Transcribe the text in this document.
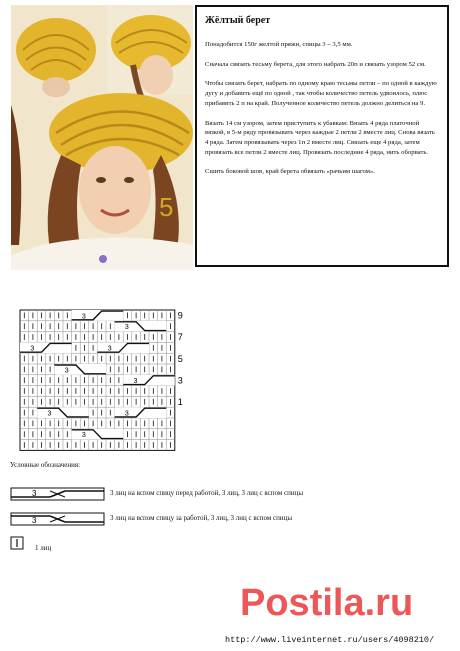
5
Жёлтый берет

Понадобится 150г желтой пряжи, спицы 3 – 3,5 мм.

Сначала связать тесьму берета, для этого набрать 20п и связать узором 52 см.

Чтобы связать берет, набрать по одному краю тесьмы петли – по одной в каждую дугу и добавить ещё по одной , так чтобы количество петель удвоилось, плюс прибавить 2 п на край. Полученное количество петель должно делиться на 9.

Вязать 14 см узором, затем приступить к убавкам: Вязать 4 ряда платочной вязкой, в 5-м ряду провязывать через каждые 2 петли 2 вместе лиц. Снова вязать 4 ряда. Затем провязывать через 1п 2 вместе лиц. Связать еще 4 ряда, затем провязать все петли 2 вместе лиц. Провязать последние 4 ряда, нить оборвать.

Сшить боковой шов, край берета обвязать «рачьим шагом».

3
3
3	3
3
3
3	3
3
9
7
5
3
1
Условные обозначения:
3	3 лиц на вспом спицу перед работой, 3 лиц, 3 лиц с вспом спицы
3	3 лиц на вспом спицу за работой, 3 лиц, 3 лиц с вспом спицы
1 лиц
Postila.ru
http://www.liveinternet.ru/users/4098210/
